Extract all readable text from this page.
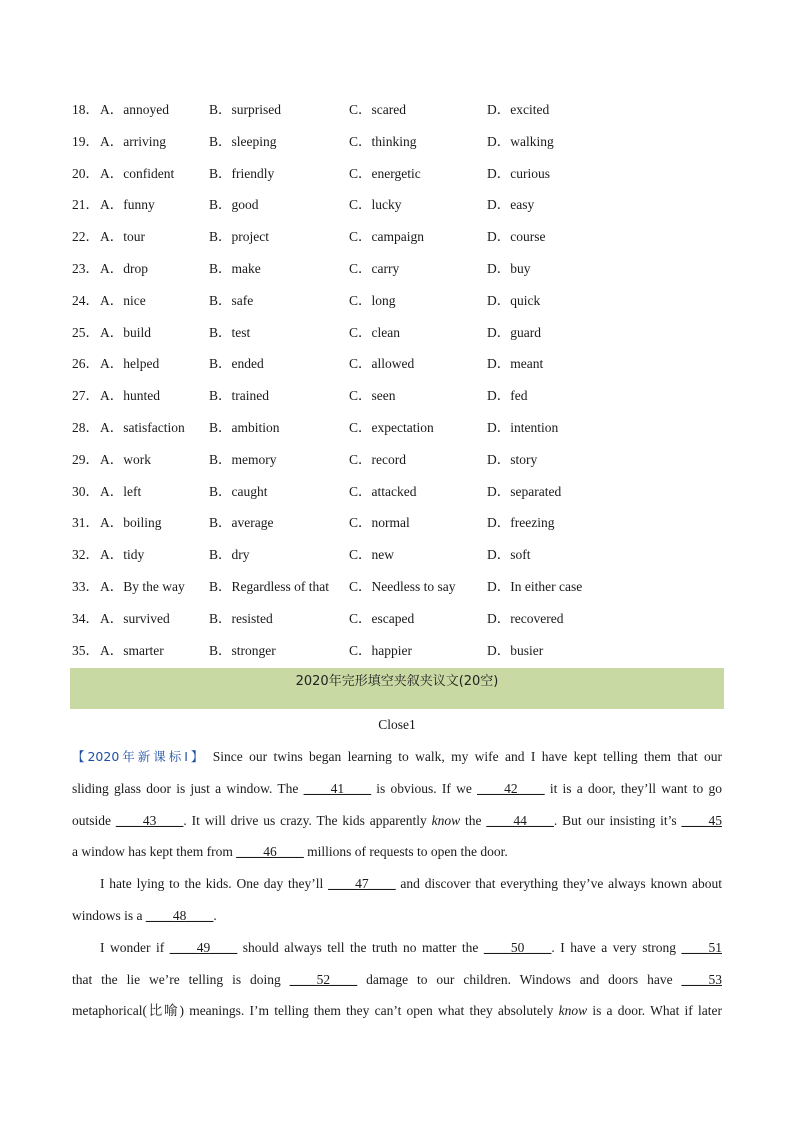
18． A．annoyed	B．surprised	C．scared	D．excited
19． A．arriving	B．sleeping	C．thinking	D．walking
20． A．confident	B．friendly	C．energetic	D．curious
21． A．funny	B．good	C．lucky	D．easy
22． A．tour	B．project	C．campaign	D．course
23． A．drop	B．make	C．carry	D．buy
24． A．nice	B．safe	C．long	D．quick
25． A．build	B．test	C．clean	D．guard
26． A．helped	B．ended	C．allowed	D．meant
27． A．hunted	B．trained	C．seen	D．fed
28． A．satisfaction B．ambition	C．expectation	D．intention
29． A．work	B．memory	C．record	D．story
30． A．left	B．caught	C．attacked	D．separated
31． A．boiling	B．average	C．normal	D．freezing
32． A．tidy	B．dry	C．new	D．soft
33． A．By the way B．Regardless of that C．Needless to say D．In either case
34． A．survived	B．resisted	C．escaped	D．recovered
35． A．smarter	B．stronger	C．happier	D．busier
2020年完形填空夹叙夹议文(20空)
Close1
【2020年新课标Ⅰ】 Since our twins began learning to walk, my wife and I have kept telling them that our
sliding glass door is just a window. The ____41____ is obvious. If we ____42____ it is a door, they’ll want to go
outside ____43____. It will drive us crazy. The kids apparently know the ____44____. But our insisting it’s ____45
a window has kept them from ____46____ millions of requests to open the door.
I hate lying to the kids. One day they’ll ____47____ and discover that everything they’ve always known about
windows is a ____48____.
I wonder if ____49____ should always tell the truth no matter the ____50____. I have a very strong ____51
that the lie we’re telling is doing ____52____ damage to our children. Windows and doors have ____53
metaphorical(比喻) meanings. I’m telling them they can’t open what they absolutely know is a door. What if later
